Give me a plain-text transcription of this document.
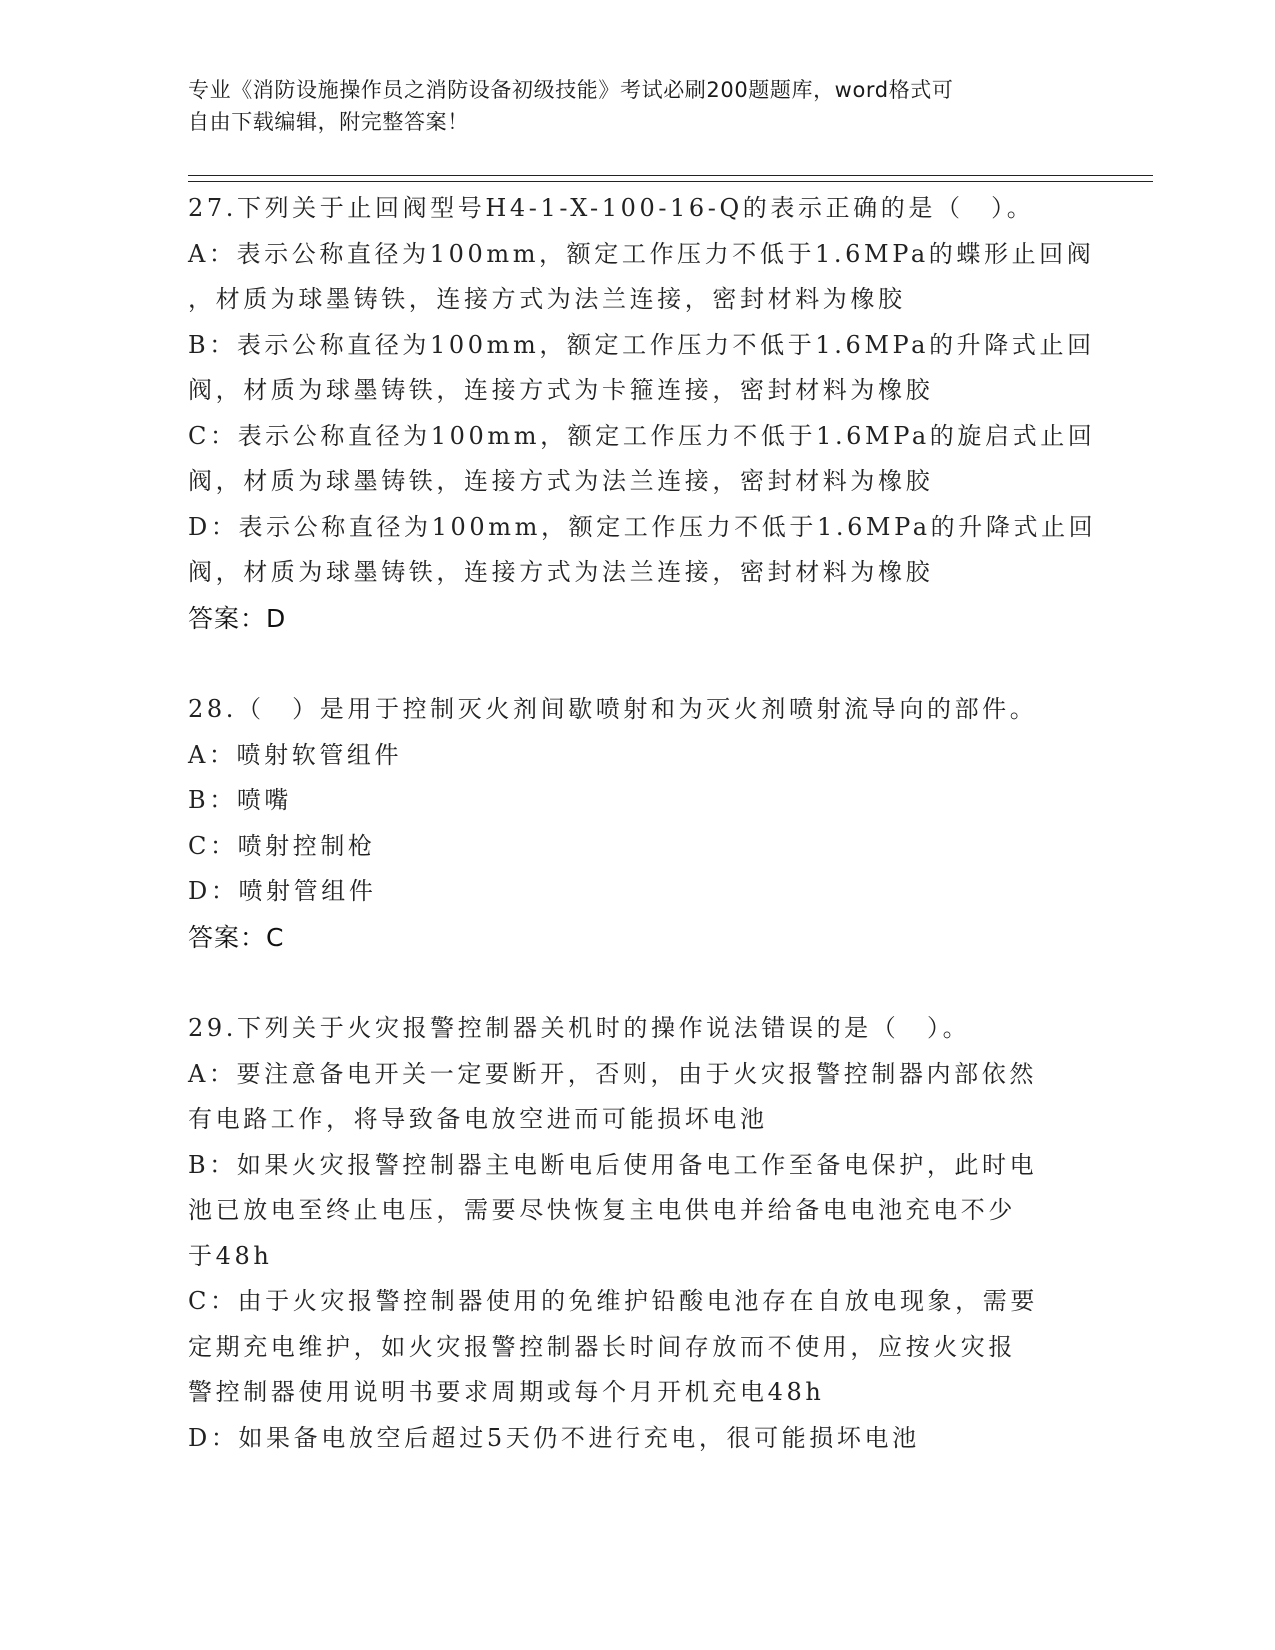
专业《消防设施操作员之消防设备初级技能》考试必刷200题题库，word格式可
自由下载编辑，附完整答案！
27.下列关于止回阀型号H4-1-X-100-16-Q的表示正确的是（　）。
A：表示公称直径为100mm，额定工作压力不低于1.6MPa的蝶形止回阀
，材质为球墨铸铁，连接方式为法兰连接，密封材料为橡胶
B：表示公称直径为100mm，额定工作压力不低于1.6MPa的升降式止回
阀，材质为球墨铸铁，连接方式为卡箍连接，密封材料为橡胶
C：表示公称直径为100mm，额定工作压力不低于1.6MPa的旋启式止回
阀，材质为球墨铸铁，连接方式为法兰连接，密封材料为橡胶
D：表示公称直径为100mm，额定工作压力不低于1.6MPa的升降式止回
阀，材质为球墨铸铁，连接方式为法兰连接，密封材料为橡胶
答案：D
28.（　）是用于控制灭火剂间歇喷射和为灭火剂喷射流导向的部件。
A：喷射软管组件
B：喷嘴
C：喷射控制枪
D：喷射管组件
答案：C
29.下列关于火灾报警控制器关机时的操作说法错误的是（　）。
A：要注意备电开关一定要断开，否则，由于火灾报警控制器内部依然
有电路工作，将导致备电放空进而可能损坏电池
B：如果火灾报警控制器主电断电后使用备电工作至备电保护，此时电
池已放电至终止电压，需要尽快恢复主电供电并给备电电池充电不少
于48h
C：由于火灾报警控制器使用的免维护铅酸电池存在自放电现象，需要
定期充电维护，如火灾报警控制器长时间存放而不使用，应按火灾报
警控制器使用说明书要求周期或每个月开机充电48h
D：如果备电放空后超过5天仍不进行充电，很可能损坏电池
